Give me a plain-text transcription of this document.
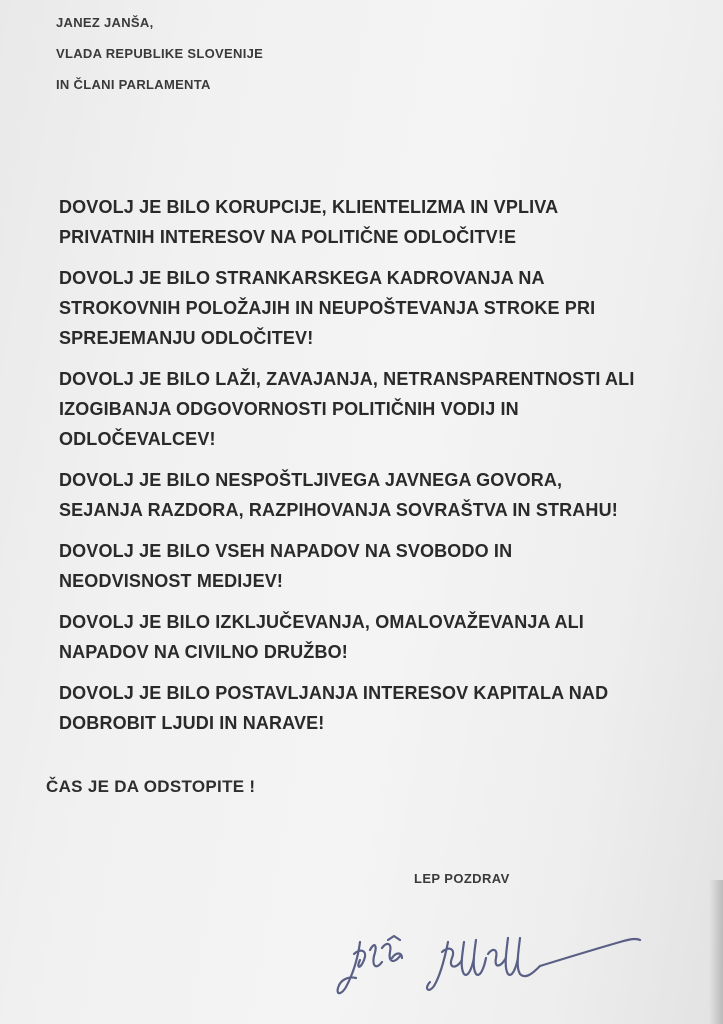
JANEZ JANŠA,
VLADA REPUBLIKE SLOVENIJE
IN ČLANI PARLAMENTA
DOVOLJ JE BILO KORUPCIJE, KLIENTELIZMA IN VPLIVA
PRIVATNIH INTERESOV NA POLITIČNE ODLOČITV!E
DOVOLJ JE BILO STRANKARSKEGA KADROVANJA NA
STROKOVNIH POLOŽAJIH IN NEUPOŠTEVANJA STROKE PRI
SPREJEMANJU ODLOČITEV!
DOVOLJ JE BILO LAŽI, ZAVAJANJA, NETRANSPARENTNOSTI ALI
IZOGIBANJA ODGOVORNOSTI POLITIČNIH VODIJ IN
ODLOČEVALCEV!
DOVOLJ JE BILO NESPOŠTLJIVEGA JAVNEGA GOVORA,
SEJANJA RAZDORA, RAZPIHOVANJA SOVRAŠTVA IN STRAHU!
DOVOLJ JE BILO VSEH NAPADOV NA SVOBODO IN
NEODVISNOST MEDIJEV!
DOVOLJ JE BILO IZKLJUČEVANJA, OMALOVAŽEVANJA ALI
NAPADOV NA CIVILNO DRUŽBO!
DOVOLJ JE BILO POSTAVLJANJA INTERESOV KAPITALA NAD
DOBROBIT LJUDI IN NARAVE!
ČAS JE DA ODSTOPITE !
LEP POZDRAV
